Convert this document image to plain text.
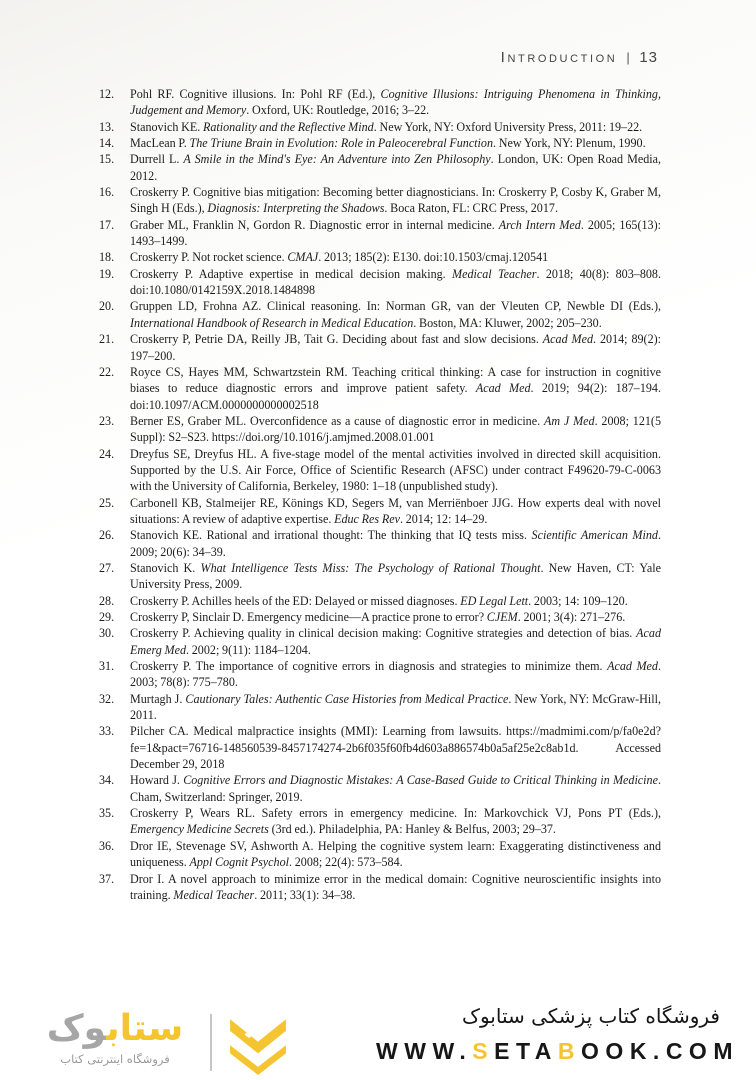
INTRODUCTION | 13
12. Pohl RF. Cognitive illusions. In: Pohl RF (Ed.), Cognitive Illusions: Intriguing Phenomena in Thinking, Judgement and Memory. Oxford, UK: Routledge, 2016; 3–22.
13. Stanovich KE. Rationality and the Reflective Mind. New York, NY: Oxford University Press, 2011: 19–22.
14. MacLean P. The Triune Brain in Evolution: Role in Paleocerebral Function. New York, NY: Plenum, 1990.
15. Durrell L. A Smile in the Mind's Eye: An Adventure into Zen Philosophy. London, UK: Open Road Media, 2012.
16. Croskerry P. Cognitive bias mitigation: Becoming better diagnosticians. In: Croskerry P, Cosby K, Graber M, Singh H (Eds.), Diagnosis: Interpreting the Shadows. Boca Raton, FL: CRC Press, 2017.
17. Graber ML, Franklin N, Gordon R. Diagnostic error in internal medicine. Arch Intern Med. 2005; 165(13): 1493–1499.
18. Croskerry P. Not rocket science. CMAJ. 2013; 185(2): E130. doi:10.1503/cmaj.120541
19. Croskerry P. Adaptive expertise in medical decision making. Medical Teacher. 2018; 40(8): 803–808. doi:10.1080/0142159X.2018.1484898
20. Gruppen LD, Frohna AZ. Clinical reasoning. In: Norman GR, van der Vleuten CP, Newble DI (Eds.), International Handbook of Research in Medical Education. Boston, MA: Kluwer, 2002; 205–230.
21. Croskerry P, Petrie DA, Reilly JB, Tait G. Deciding about fast and slow decisions. Acad Med. 2014; 89(2): 197–200.
22. Royce CS, Hayes MM, Schwartzstein RM. Teaching critical thinking: A case for instruction in cognitive biases to reduce diagnostic errors and improve patient safety. Acad Med. 2019; 94(2): 187–194. doi:10.1097/ACM.0000000000002518
23. Berner ES, Graber ML. Overconfidence as a cause of diagnostic error in medicine. Am J Med. 2008; 121(5 Suppl): S2–S23. https://doi.org/10.1016/j.amjmed.2008.01.001
24. Dreyfus SE, Dreyfus HL. A five-stage model of the mental activities involved in directed skill acquisition. Supported by the U.S. Air Force, Office of Scientific Research (AFSC) under contract F49620-79-C-0063 with the University of California, Berkeley, 1980: 1–18 (unpublished study).
25. Carbonell KB, Stalmeijer RE, Könings KD, Segers M, van Merriënboer JJG. How experts deal with novel situations: A review of adaptive expertise. Educ Res Rev. 2014; 12: 14–29.
26. Stanovich KE. Rational and irrational thought: The thinking that IQ tests miss. Scientific American Mind. 2009; 20(6): 34–39.
27. Stanovich K. What Intelligence Tests Miss: The Psychology of Rational Thought. New Haven, CT: Yale University Press, 2009.
28. Croskerry P. Achilles heels of the ED: Delayed or missed diagnoses. ED Legal Lett. 2003; 14: 109–120.
29. Croskerry P, Sinclair D. Emergency medicine—A practice prone to error? CJEM. 2001; 3(4): 271–276.
30. Croskerry P. Achieving quality in clinical decision making: Cognitive strategies and detection of bias. Acad Emerg Med. 2002; 9(11): 1184–1204.
31. Croskerry P. The importance of cognitive errors in diagnosis and strategies to minimize them. Acad Med. 2003; 78(8): 775–780.
32. Murtagh J. Cautionary Tales: Authentic Case Histories from Medical Practice. New York, NY: McGraw-Hill, 2011.
33. Pilcher CA. Medical malpractice insights (MMI): Learning from lawsuits. https://madmimi.com/p/fa0e2d?fe=1&pact=76716-148560539-8457174274-2b6f035f60fb4d603a886574b0a5af25e2c8ab1d. Accessed December 29, 2018
34. Howard J. Cognitive Errors and Diagnostic Mistakes: A Case-Based Guide to Critical Thinking in Medicine. Cham, Switzerland: Springer, 2019.
35. Croskerry P, Wears RL. Safety errors in emergency medicine. In: Markovchick VJ, Pons PT (Eds.), Emergency Medicine Secrets (3rd ed.). Philadelphia, PA: Hanley & Belfus, 2003; 29–37.
36. Dror IE, Stevenage SV, Ashworth A. Helping the cognitive system learn: Exaggerating distinctiveness and uniqueness. Appl Cognit Psychol. 2008; 22(4): 573–584.
37. Dror I. A novel approach to minimize error in the medical domain: Cognitive neuroscientific insights into training. Medical Teacher. 2011; 33(1): 34–38.
ستابوک
فروشگاه اینترنتی کتاب
فروشگاه کتاب پزشکی ستابوک
WWW.SETABOOK.COM
